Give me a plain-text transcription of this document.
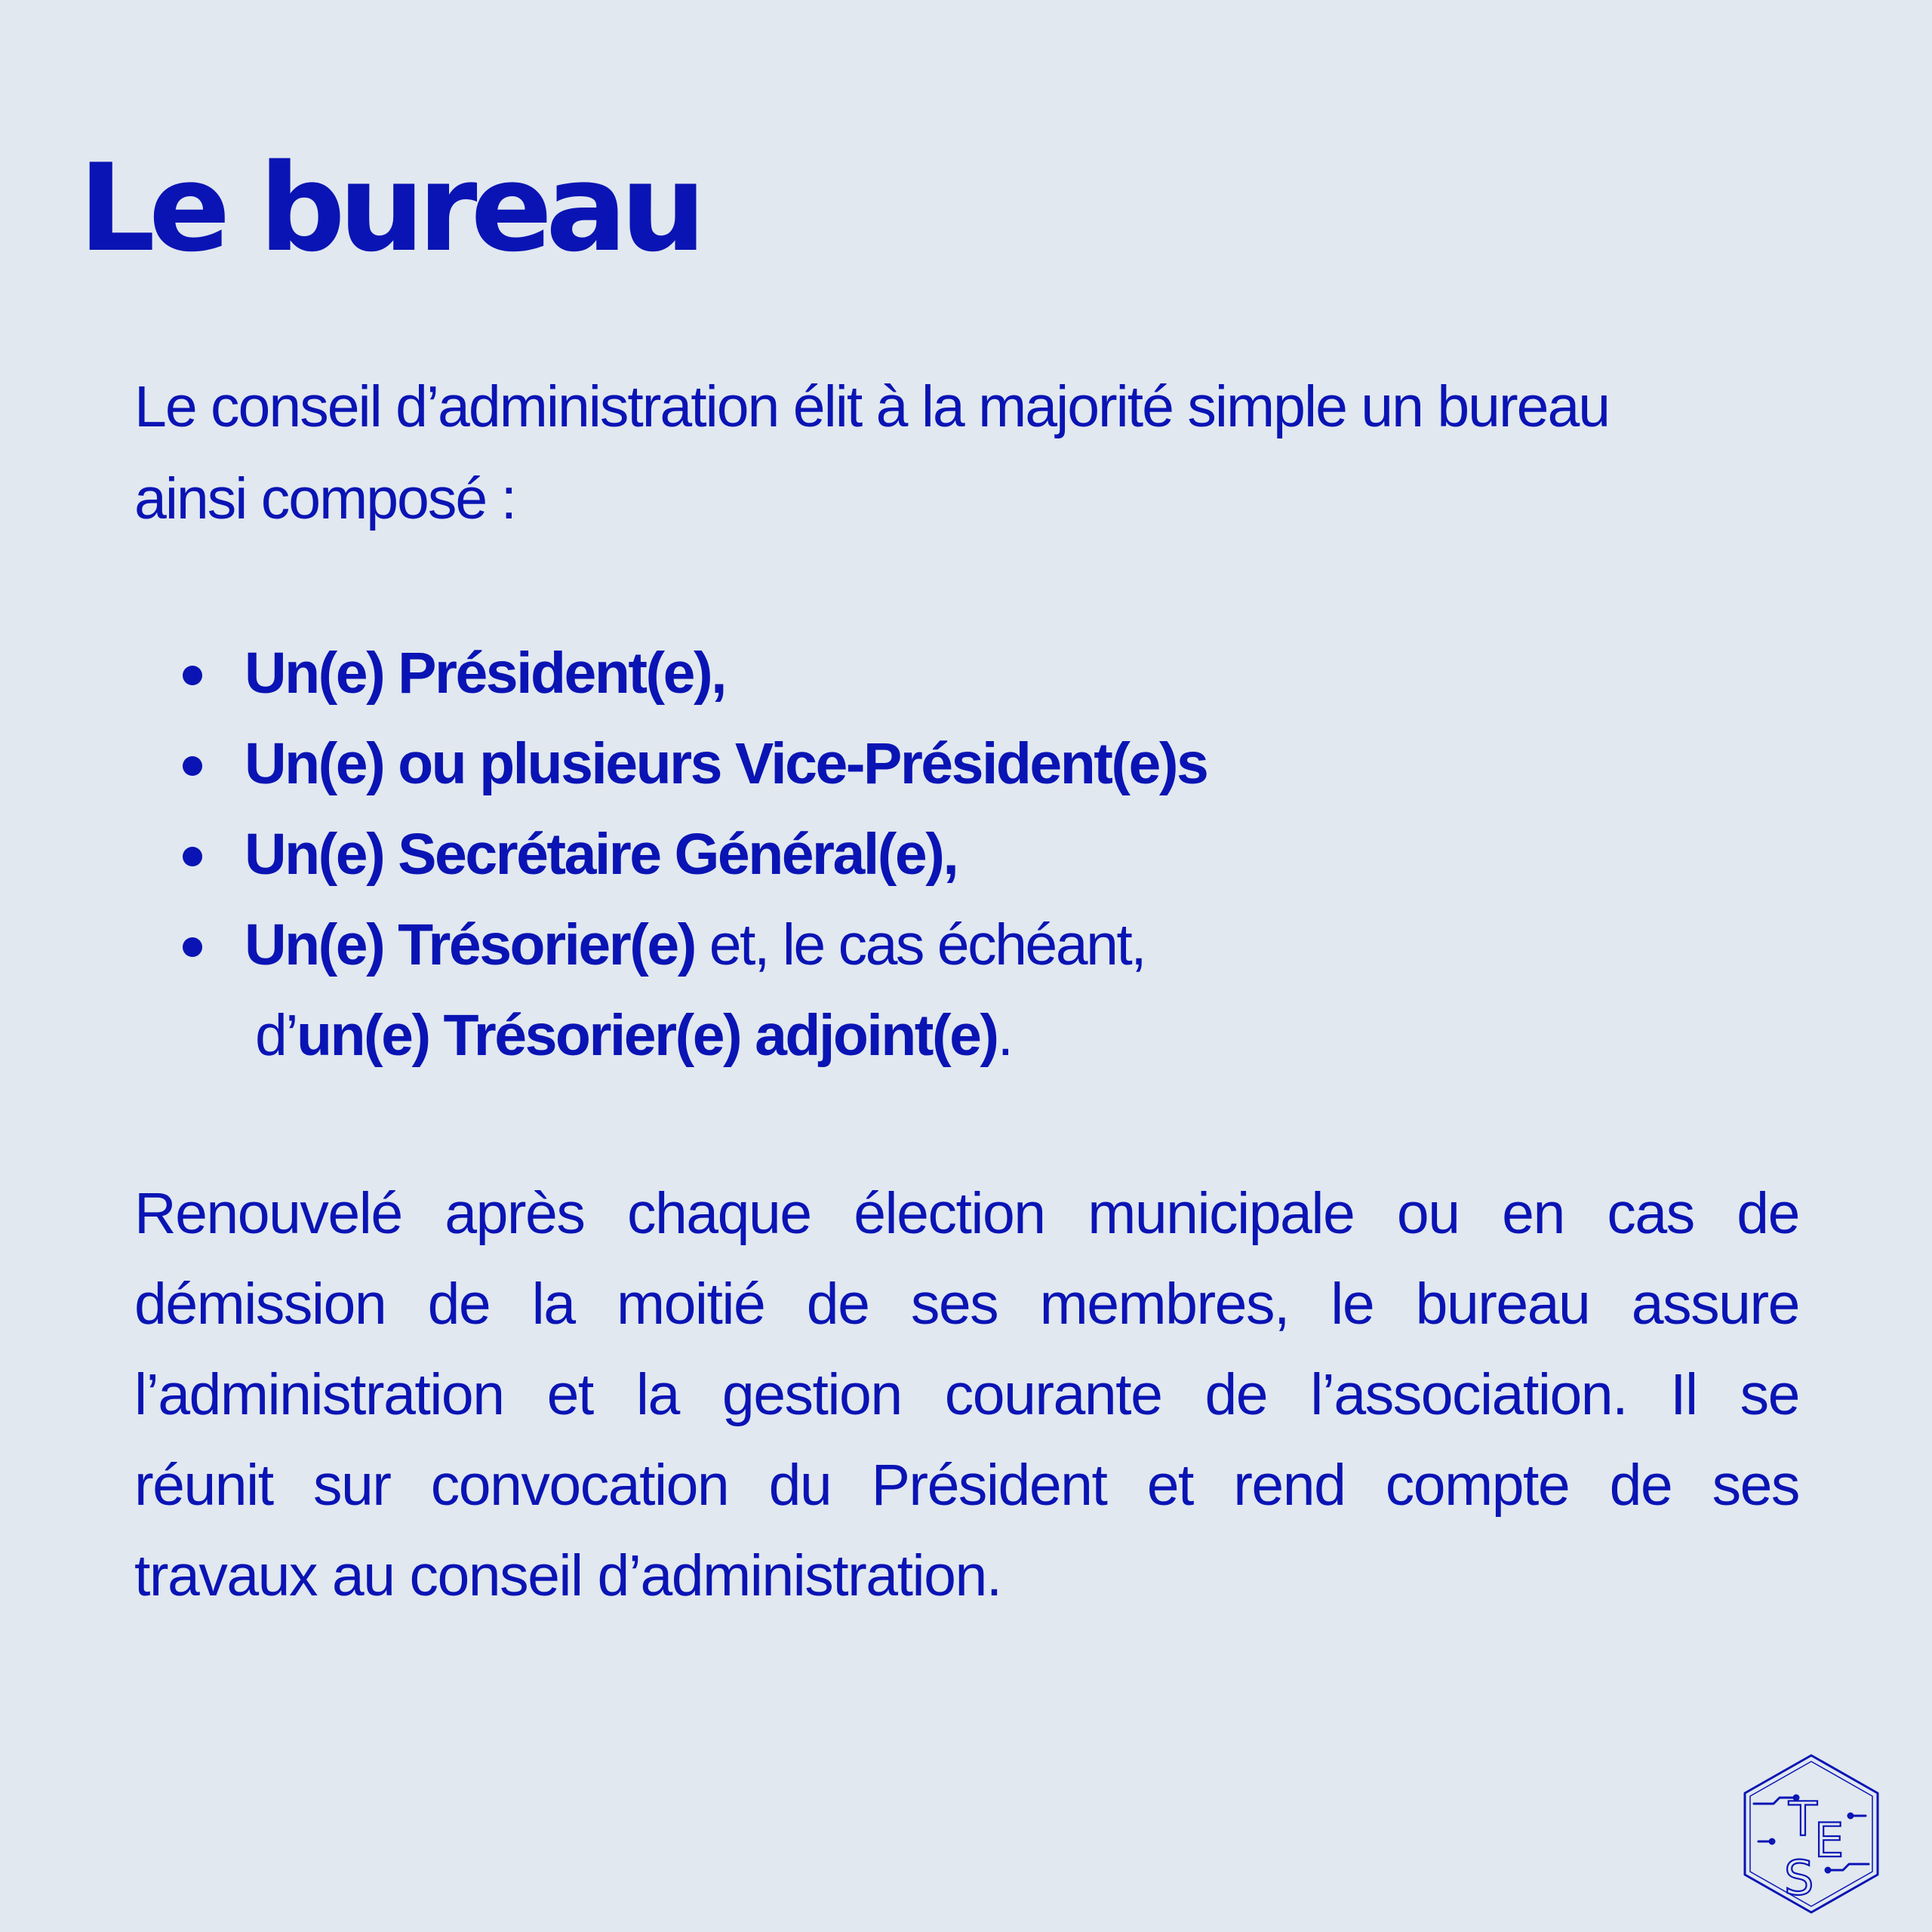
Le bureau

Le conseil d’administration élit à la majorité simple un bureau
ainsi composé :

Un(e) Président(e),
Un(e) ou plusieurs Vice-Président(e)s
Un(e) Secrétaire Général(e),
Un(e) Trésorier(e) et, le cas échéant,
d’un(e) Trésorier(e) adjoint(e).
Renouvelé après chaque élection municipale ou en cas de
démission de la moitié de ses membres, le bureau assure
l’administration et la gestion courante de l’association. Il se
réunit sur convocation du Président et rend compte de ses
travaux au conseil d’administration.
T
E
S
